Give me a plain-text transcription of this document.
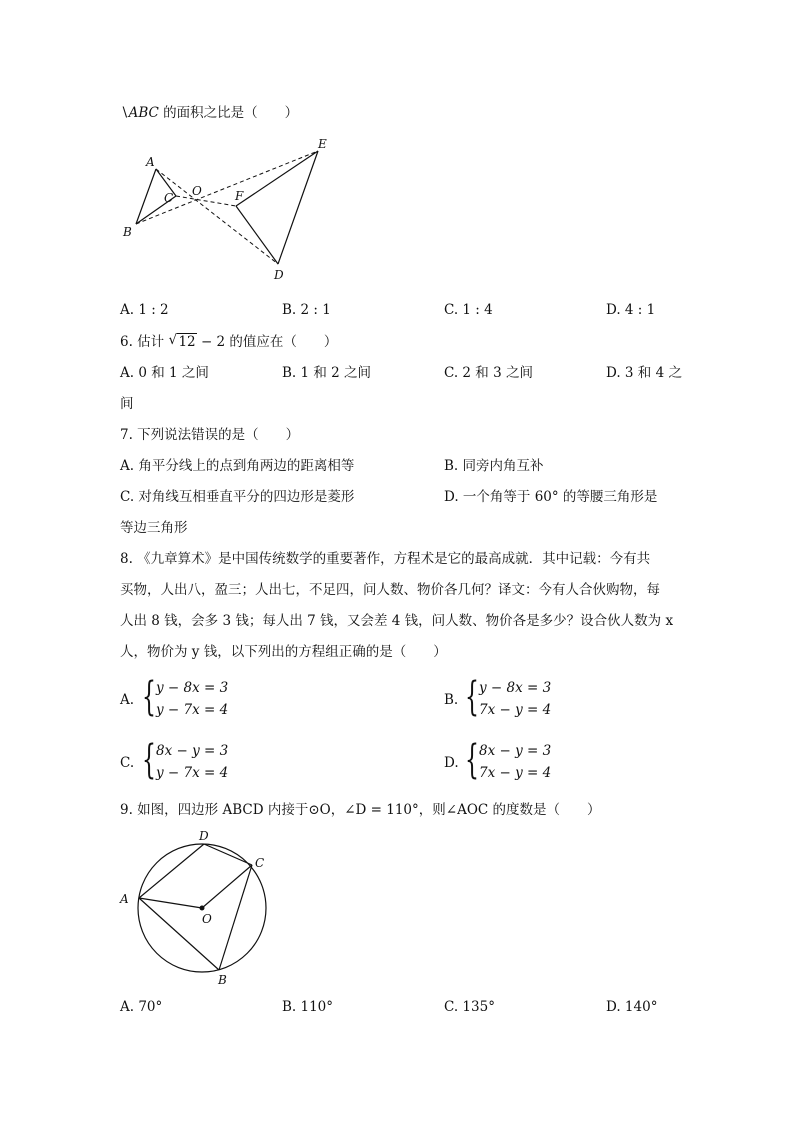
∖ABC 的面积之比是（　　）
A
B
C O	F
E
D
A. 1 : 2	B. 2 : 1	C. 1 : 4	D. 4 : 1
6. 估计 √ 12 − 2 的值应在（　　）
A. 0 和 1 之间	B. 1 和 2 之间	C. 2 和 3 之间	D. 3 和 4 之
间
7. 下列说法错误的是（　　）
A. 角平分线上的点到角两边的距离相等	B. 同旁内角互补
C. 对角线互相垂直平分的四边形是菱形	D. 一个角等于 60° 的等腰三角形是
等边三角形
8. 《九章算术》是中国传统数学的重要著作，方程术是它的最高成就．其中记载：今有共
买物，人出八，盈三；人出七，不足四，问人数、物价各几何？译文：今有人合伙购物，每
人出 8 钱，会多 3 钱；每人出 7 钱，又会差 4 钱，问人数、物价各是多少？设合伙人数为 x
人，物价为 y 钱，以下列出的方程组正确的是（　　）
A. { y − 8x = 3
y − 7x = 4
B. { y − 8x = 3
7x − y = 4
C. { 8x − y = 3
y − 7x = 4
D. { 8x − y = 3
7x − y = 4
9. 如图，四边形 ABCD 内接于⊙O，∠D = 110°，则∠AOC 的度数是（　　）
D
C
A
O
B
A. 70°	B. 110°	C. 135°	D. 140°
